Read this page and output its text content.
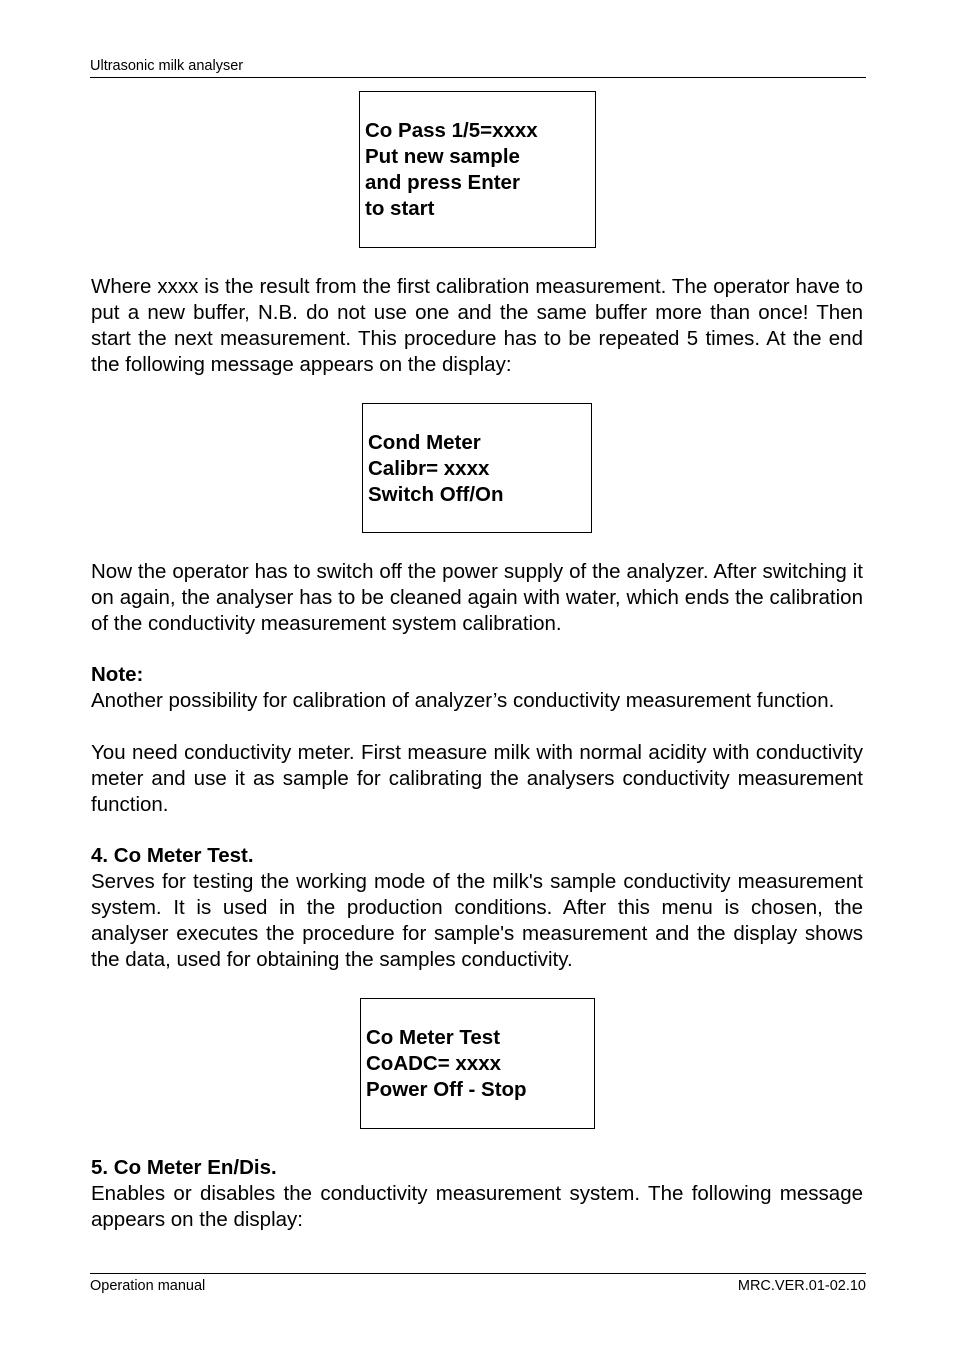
Ultrasonic milk analyser
Co Pass 1/5=xxxx
Put new sample
and press Enter
to start

Where xxxx is the result from the first calibration measurement. The operator have to put a new buffer, N.B. do not use one and the same buffer more than once! Then start the next measurement. This procedure has to be repeated 5 times. At the end the following message appears on the display:

Cond Meter
Calibr= xxxx
Switch Off/On

Now the operator has to switch off the power supply of the analyzer. After switching it on again, the analyser has to be cleaned again with water, which ends the calibration of the conductivity measurement system calibration.

Note:

Another possibility for calibration of analyzer’s conductivity measurement function.

You need conductivity meter. First measure milk with normal acidity with conductivity meter and use it as sample for calibrating the analysers conductivity measurement function.

4. Co Meter Test.

Serves for testing the working mode of the milk's sample conductivity measurement system. It is used in the production conditions. After this menu is chosen, the analyser executes the procedure for sample's measurement and the display shows the data, used for obtaining the samples conductivity.

Co Meter Test
CoADC= xxxx
Power Off - Stop

5. Co Meter En/Dis.

Enables or disables the conductivity measurement system. The following message appears on the display:

Operation manual	MRC.VER.01-02.10
